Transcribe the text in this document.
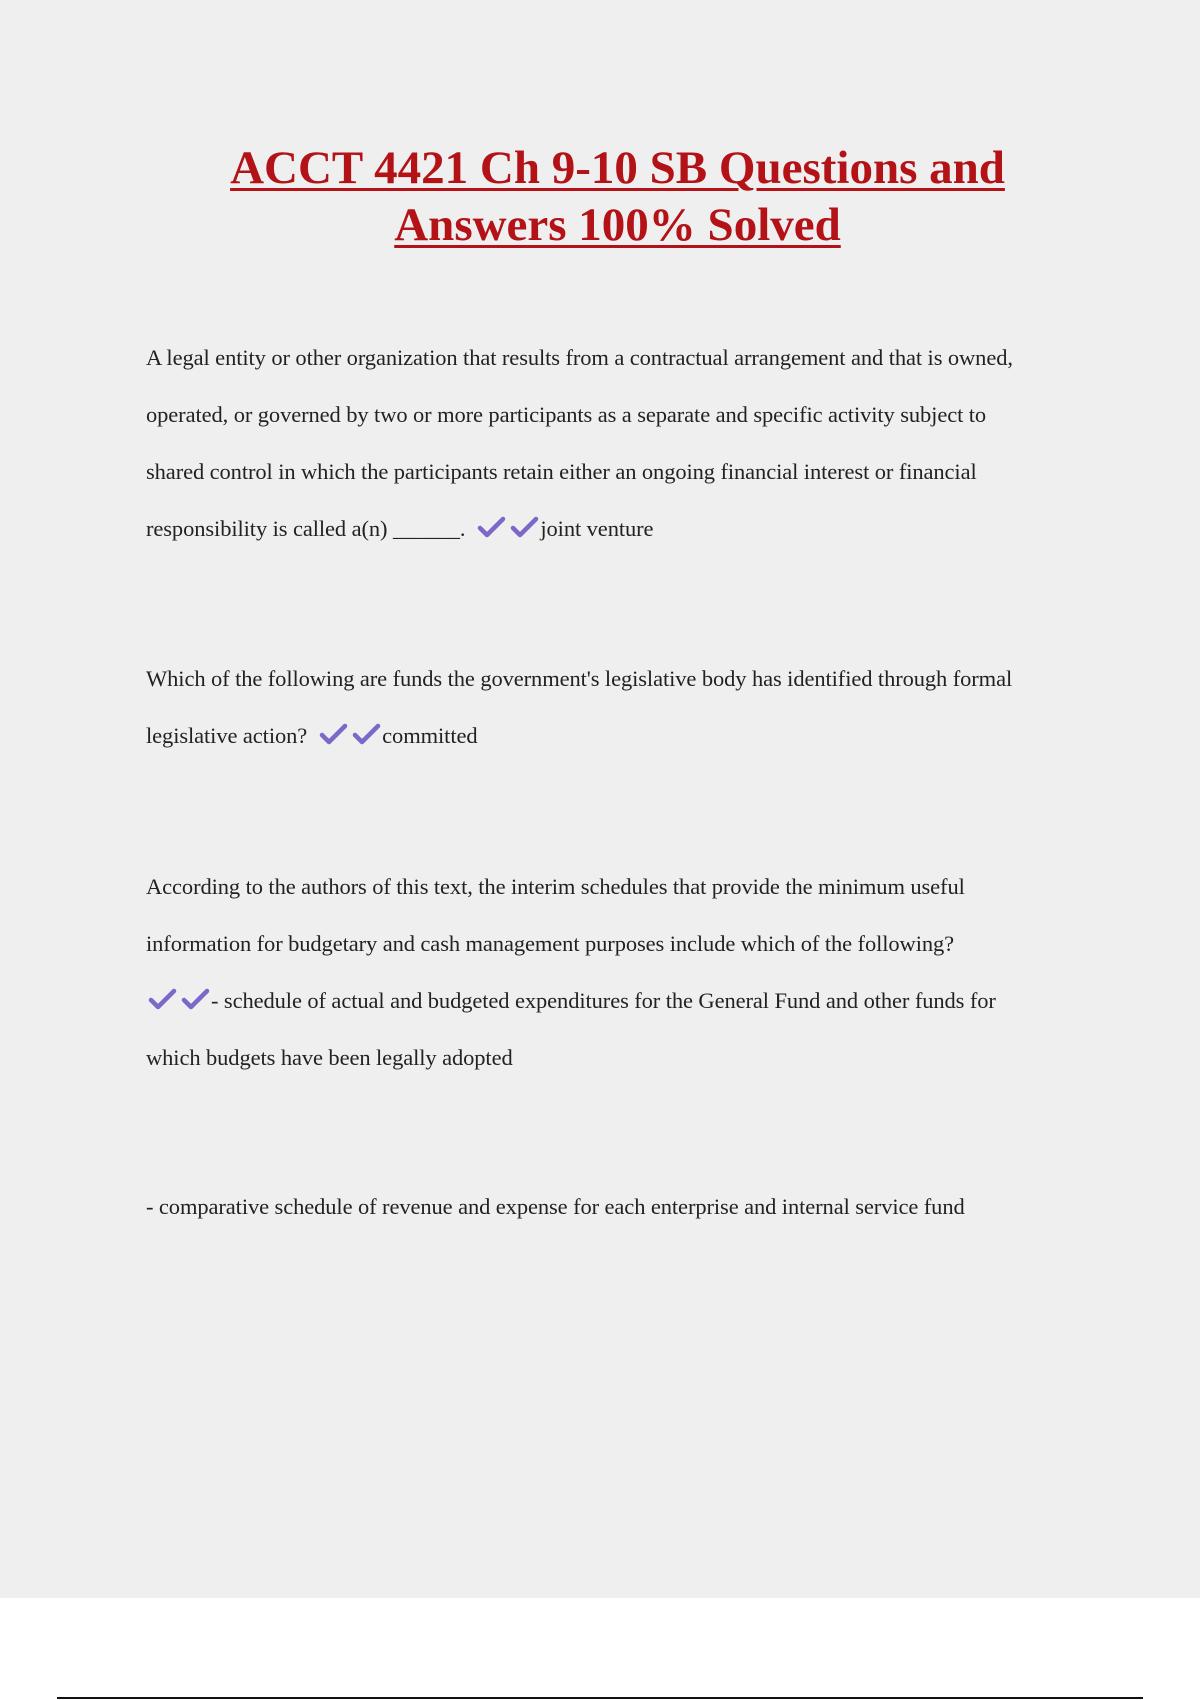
ACCT 4421 Ch 9-10 SB Questions and
Answers 100% Solved

A legal entity or other organization that results from a contractual arrangement and that is owned,

operated, or governed by two or more participants as a separate and specific activity subject to

shared control in which the participants retain either an ongoing financial interest or financial

responsibility is called a(n) ______.	joint venture

Which of the following are funds the government's legislative body has identified through formal

legislative action?	committed

According to the authors of this text, the interim schedules that provide the minimum useful

information for budgetary and cash management purposes include which of the following?

- schedule of actual and budgeted expenditures for the General Fund and other funds for

which budgets have been legally adopted

- comparative schedule of revenue and expense for each enterprise and internal service fund
